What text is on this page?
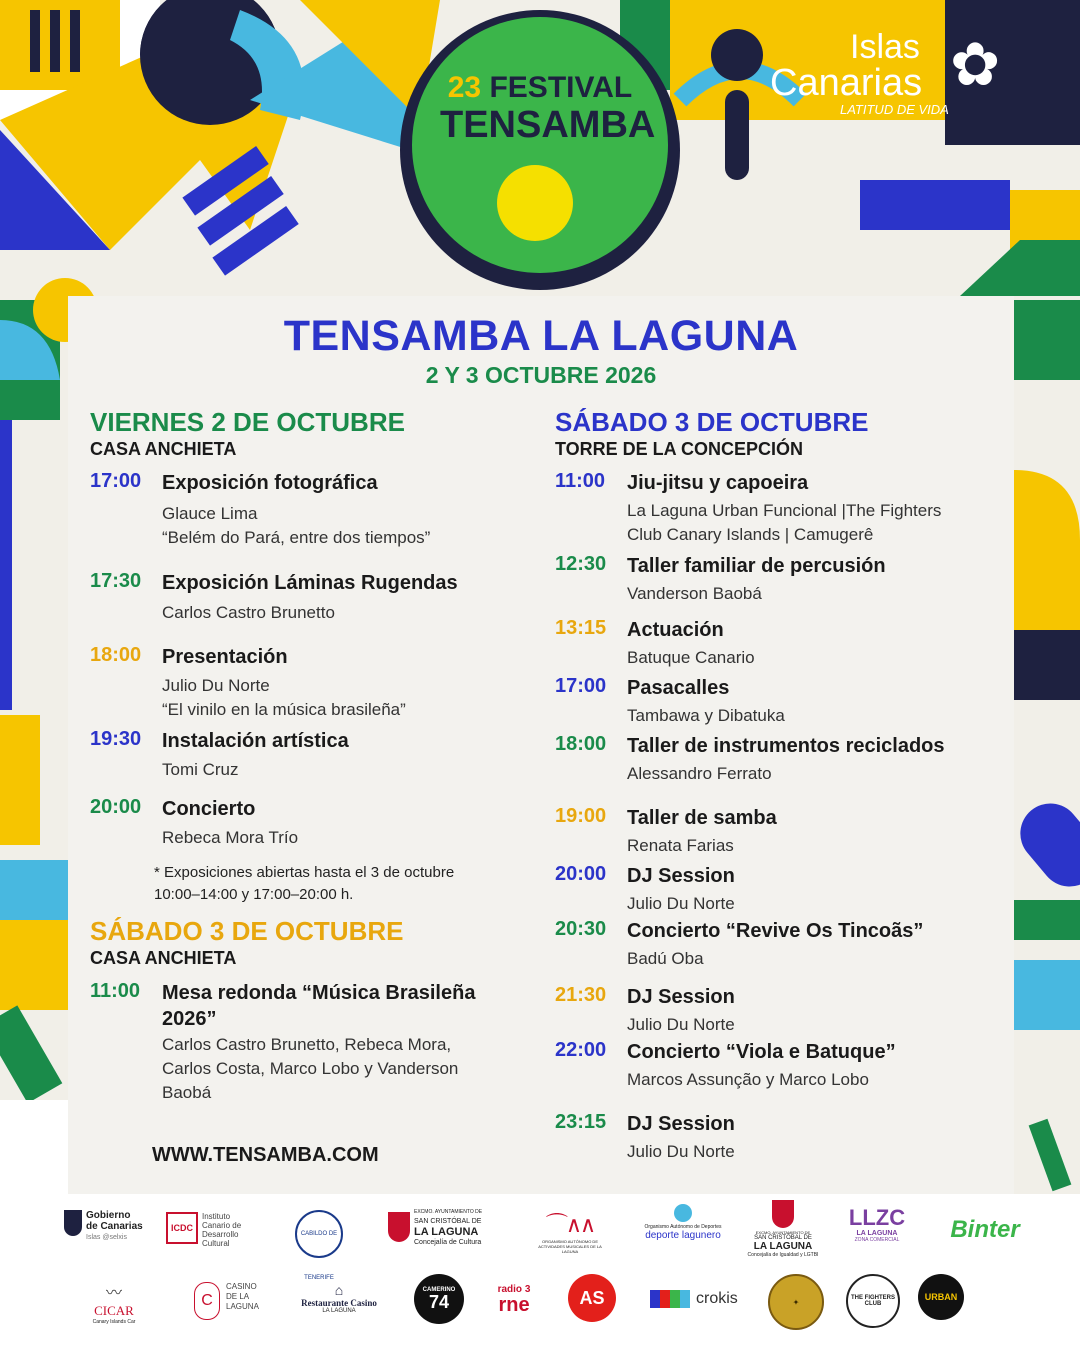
23 FESTIVAL
TENSAMBA
Islas
Canarias
LATITUD DE VIDA
✿
TENSAMBA LA LAGUNA
2 Y 3 OCTUBRE 2026
VIERNES 2 DE OCTUBRE
CASA ANCHIETA
17:00 Exposición fotográfica
Glauce Lima
“Belém do Pará, entre dos tiempos”
17:30 Exposición Láminas Rugendas
Carlos Castro Brunetto
18:00 Presentación
Julio Du Norte
“El vinilo en la música brasileña”
19:30 Instalación artística
Tomi Cruz
20:00 Concierto
Rebeca Mora Trío
* Exposiciones abiertas hasta el 3 de octubre
10:00–14:00 y 17:00–20:00 h.
SÁBADO 3 DE OCTUBRE
CASA ANCHIETA
11:00 Mesa redonda “Música Brasileña
2026”
Carlos Castro Brunetto, Rebeca Mora,
Carlos Costa, Marco Lobo y Vanderson
Baobá
WWW.TENSAMBA.COM
SÁBADO 3 DE OCTUBRE
TORRE DE LA CONCEPCIÓN
11:00 Jiu-jitsu y capoeira
La Laguna Urban Funcional |The Fighters
Club Canary Islands | Camugerê
12:30 Taller familiar de percusión
Vanderson Baobá
13:15 Actuación
Batuque Canario
17:00 Pasacalles
Tambawa y Dibatuka
18:00 Taller de instrumentos reciclados
Alessandro Ferrato
19:00 Taller de samba
Renata Farias
20:00 DJ Session
Julio Du Norte
20:30 Concierto “Revive Os Tincoãs”
Badú Oba
21:30 DJ Session
Julio Du Norte
22:00 Concierto “Viola e Batuque”
Marcos Assunção y Marco Lobo
23:15 DJ Session
Julio Du Norte
Gobierno
de Canarias
Islas @selxis
ICDC
Instituto
Canario de
Desarrollo
Cultural
CABILDO DE TENERIFE
EXCMO. AYUNTAMIENTO DE
SAN CRISTÓBAL DE
LA LAGUNA
Concejalía de Cultura
⌒∧∧
ORGANISMO AUTÓNOMO DE ACTIVIDADES MUSICALES DE LA LAGUNA
Organismo Autónomo de Deportes
deporte lagunero	EXCMO. AYUNTAMIENTO DE
SAN CRISTÓBAL DE
LA LAGUNA
Concejalía de Igualdad y LGTBI
LLZC
LA LAGUNA
ZONA COMERCIAL	Binter
〰
CICAR
Canary Islands Car
C
CASINO
DE LA
LAGUNA
⌂
Restaurante Casino
LA LAGUNA
CAMERINO
74
radio 3
rne	AS	crokis	✦	THE FIGHTERS CLUB
URBAN
